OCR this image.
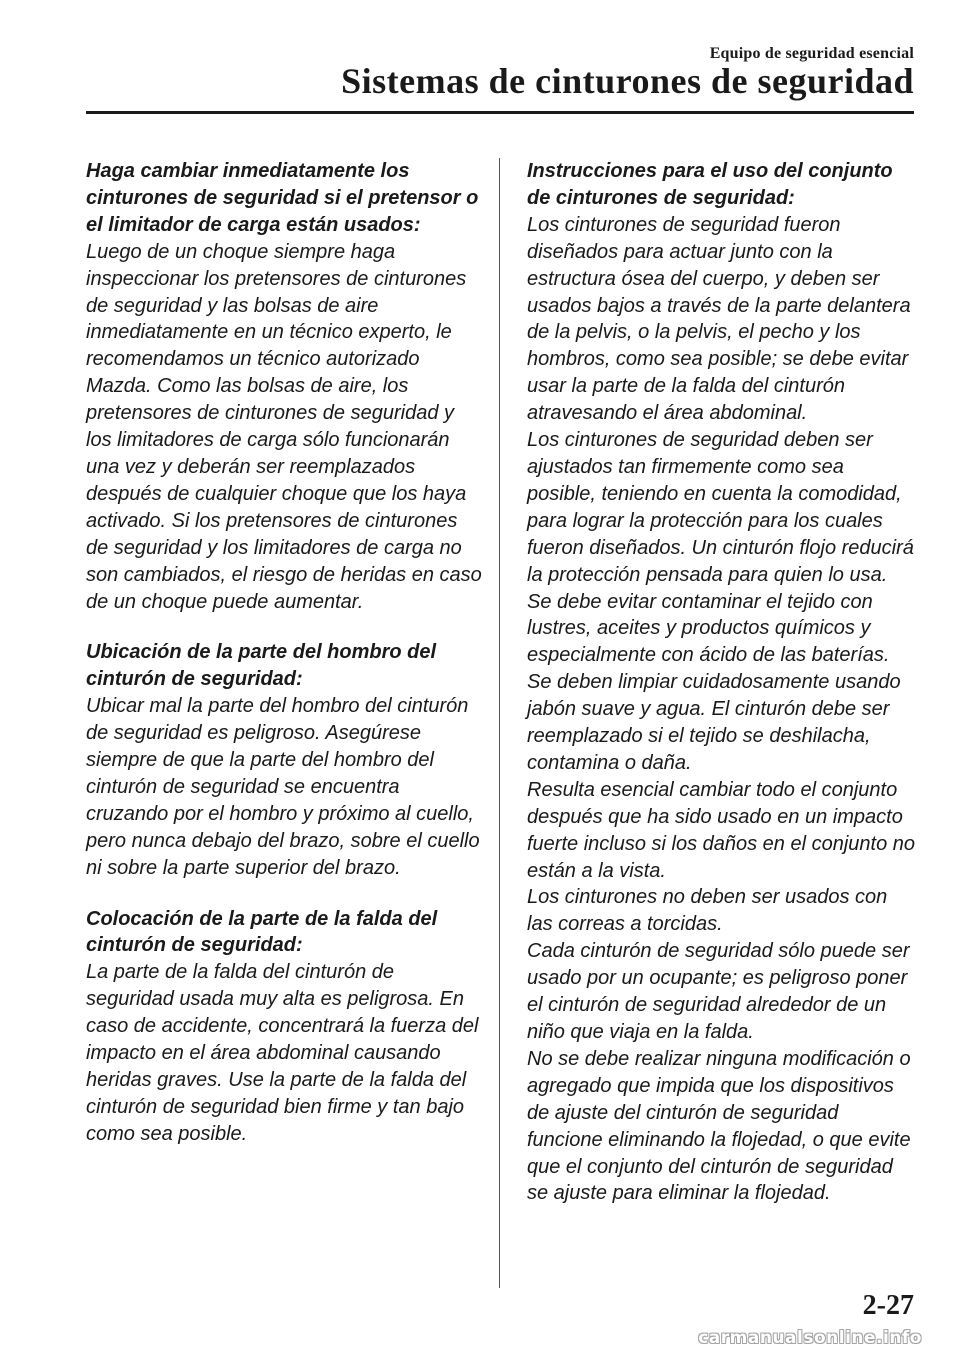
Equipo de seguridad esencial
Sistemas de cinturones de seguridad

Haga cambiar inmediatamente los cinturones de seguridad si el pretensor o el limitador de carga están usados:

Luego de un choque siempre haga inspeccionar los pretensores de cinturones de seguridad y las bolsas de aire inmediatamente en un técnico experto, le recomendamos un técnico autorizado Mazda. Como las bolsas de aire, los pretensores de cinturones de seguridad y los limitadores de carga sólo funcionarán una vez y deberán ser reemplazados después de cualquier choque que los haya activado. Si los pretensores de cinturones de seguridad y los limitadores de carga no son cambiados, el riesgo de heridas en caso de un choque puede aumentar.

Ubicación de la parte del hombro del cinturón de seguridad:

Ubicar mal la parte del hombro del cinturón de seguridad es peligroso. Asegúrese siempre de que la parte del hombro del cinturón de seguridad se encuentra cruzando por el hombro y próximo al cuello, pero nunca debajo del brazo, sobre el cuello ni sobre la parte superior del brazo.

Colocación de la parte de la falda del cinturón de seguridad:

La parte de la falda del cinturón de seguridad usada muy alta es peligrosa. En caso de accidente, concentrará la fuerza del impacto en el área abdominal causando heridas graves. Use la parte de la falda del cinturón de seguridad bien firme y tan bajo como sea posible.

Instrucciones para el uso del conjunto de cinturones de seguridad:

Los cinturones de seguridad fueron diseñados para actuar junto con la estructura ósea del cuerpo, y deben ser usados bajos a través de la parte delantera de la pelvis, o la pelvis, el pecho y los hombros, como sea posible; se debe evitar usar la parte de la falda del cinturón atravesando el área abdominal.

Los cinturones de seguridad deben ser ajustados tan firmemente como sea posible, teniendo en cuenta la comodidad, para lograr la protección para los cuales fueron diseñados. Un cinturón flojo reducirá la protección pensada para quien lo usa.

Se debe evitar contaminar el tejido con lustres, aceites y productos químicos y especialmente con ácido de las baterías. Se deben limpiar cuidadosamente usando jabón suave y agua. El cinturón debe ser reemplazado si el tejido se deshilacha, contamina o daña.

Resulta esencial cambiar todo el conjunto después que ha sido usado en un impacto fuerte incluso si los daños en el conjunto no están a la vista.

Los cinturones no deben ser usados con las correas a torcidas.

Cada cinturón de seguridad sólo puede ser usado por un ocupante; es peligroso poner el cinturón de seguridad alrededor de un niño que viaja en la falda.

No se debe realizar ninguna modificación o agregado que impida que los dispositivos de ajuste del cinturón de seguridad funcione eliminando la flojedad, o que evite que el conjunto del cinturón de seguridad se ajuste para eliminar la flojedad.

2-27
carmanualsonline.info
